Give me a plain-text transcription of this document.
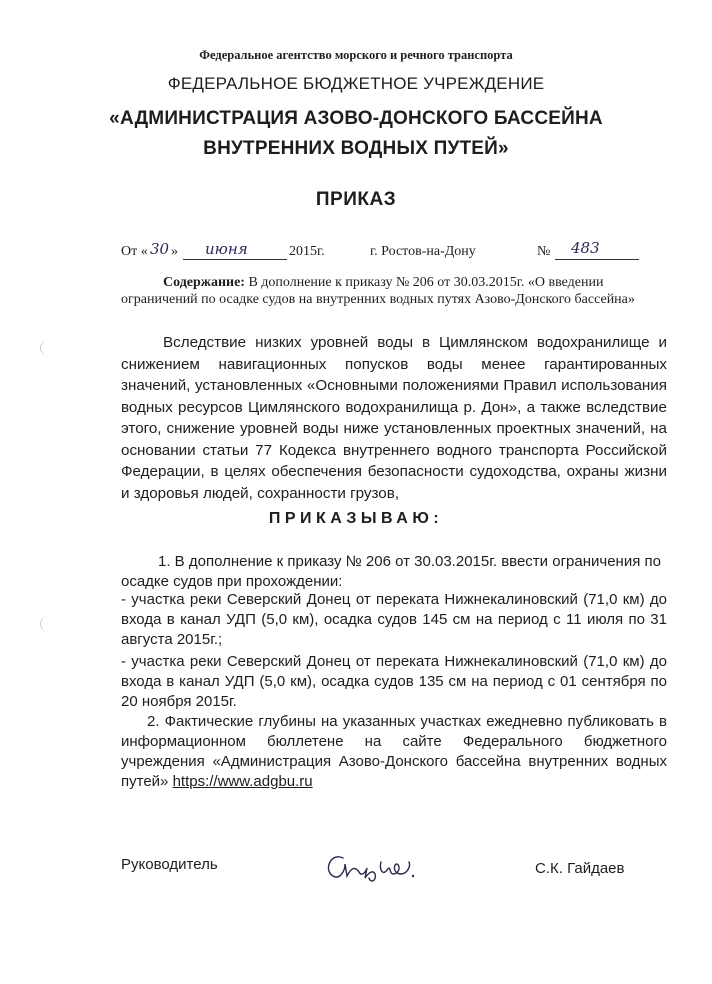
Федеральное агентство морского и речного транспорта
ФЕДЕРАЛЬНОЕ БЮДЖЕТНОЕ УЧРЕЖДЕНИЕ
«АДМИНИСТРАЦИЯ АЗОВО-ДОНСКОГО БАССЕЙНА
ВНУТРЕННИХ ВОДНЫХ ПУТЕЙ»
ПРИКАЗ
От « 30 » июня	2015г.	г. Ростов-на-Дону	№ 483
Содержание: В дополнение к приказу № 206 от 30.03.2015г. «О введении ограничений по осадке судов на внутренних водных путях Азово-Донского бассейна»
Вследствие низких уровней воды в Цимлянском водохранилище и снижением навигационных попусков воды менее гарантированных значений, установленных «Основными положениями Правил использования водных ресурсов Цимлянского водохранилища р. Дон», а также вследствие этого, снижение уровней воды ниже установленных проектных значений, на основании статьи 77 Кодекса внутреннего водного транспорта Российской Федерации, в целях обеспечения безопасности судоходства, охраны жизни и здоровья людей, сохранности грузов,
ПРИКАЗЫВАЮ:
1. В дополнение к приказу № 206 от 30.03.2015г. ввести ограничения по осадке судов при прохождении:
- участка реки Северский Донец от переката Нижнекалиновский (71,0 км) до входа в канал УДП (5,0 км), осадка судов 145 см на период с 11 июля по 31 августа 2015г.;
- участка реки Северский Донец от переката Нижнекалиновский (71,0 км) до входа в канал УДП (5,0 км), осадка судов 135 см на период с 01 сентября по 20 ноября 2015г.
2. Фактические глубины на указанных участках ежедневно публиковать в информационном бюллетене на сайте Федерального бюджетного учреждения «Администрация Азово-Донского бассейна внутренних водных путей» https://www.adgbu.ru
Руководитель	С.К. Гайдаев
